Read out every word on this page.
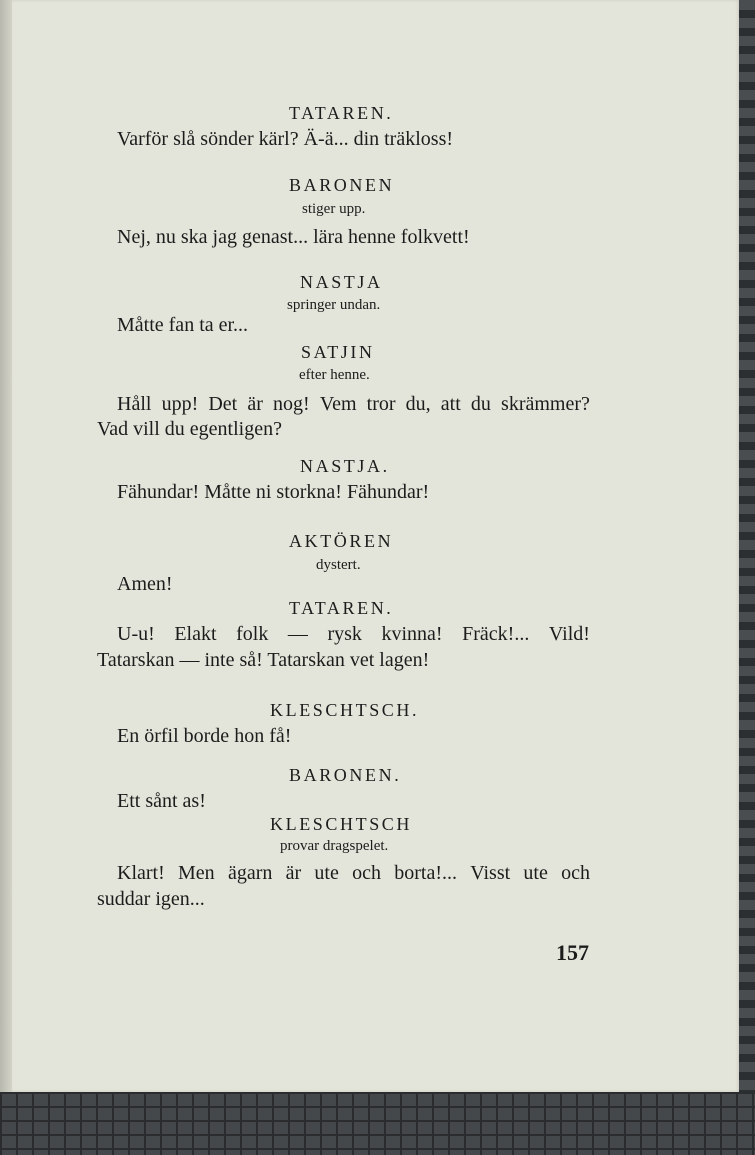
TATAREN.
Varför slå sönder kärl? Ä-ä... din träkloss!
BARONEN
stiger upp.
Nej, nu ska jag genast... lära henne folkvett!
NASTJA
springer undan.
Måtte fan ta er...
SATJIN
efter henne.
Håll upp! Det är nog! Vem tror du, att du skrämmer?
Vad vill du egentligen?
NASTJA.
Fähundar! Måtte ni storkna! Fähundar!
AKTÖREN
dystert.
Amen!
TATAREN.
U-u! Elakt folk — rysk kvinna! Fräck!... Vild!
Tatarskan — inte så! Tatarskan vet lagen!
KLESCHTSCH.
En örfil borde hon få!
BARONEN.
Ett sånt as!
KLESCHTSCH
provar dragspelet.
Klart! Men ägarn är ute och borta!... Visst ute och
suddar igen...
157
